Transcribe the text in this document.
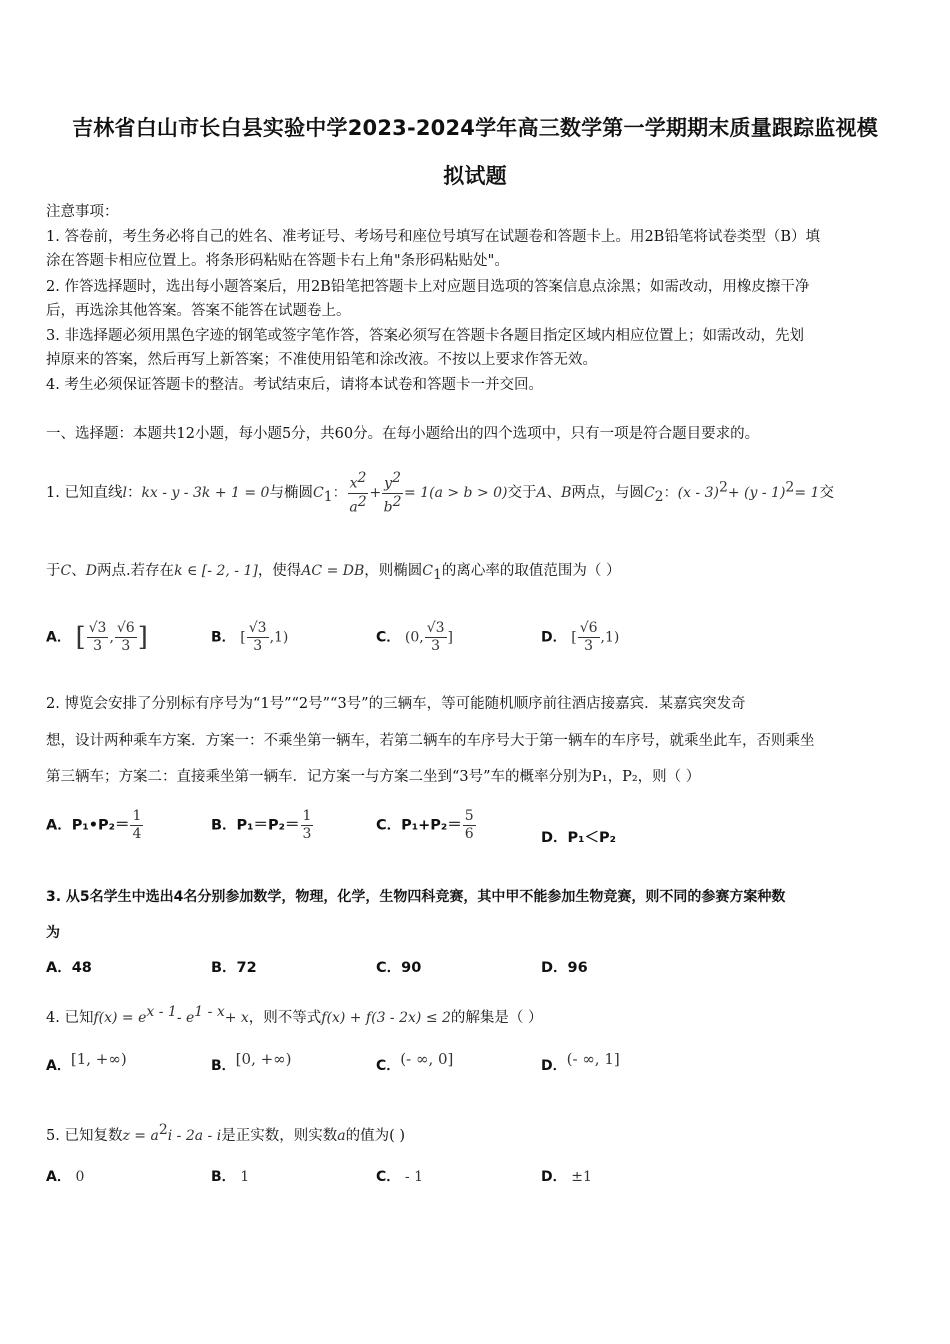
吉林省白山市长白县实验中学2023-2024学年高三数学第一学期期末质量跟踪监视模
拟试题
注意事项：
1. 答卷前，考生务必将自己的姓名、准考证号、考场号和座位号填写在试题卷和答题卡上。用2B铅笔将试卷类型（B）填
涂在答题卡相应位置上。将条形码粘贴在答题卡右上角"条形码粘贴处"。
2. 作答选择题时，选出每小题答案后，用2B铅笔把答题卡上对应题目选项的答案信息点涂黑；如需改动，用橡皮擦干净
后，再选涂其他答案。答案不能答在试题卷上。
3. 非选择题必须用黑色字迹的钢笔或签字笔作答，答案必须写在答题卡各题目指定区域内相应位置上；如需改动，先划
掉原来的答案，然后再写上新答案；不准使用铅笔和涂改液。不按以上要求作答无效。
4. 考生必须保证答题卡的整洁。考试结束后，请将本试卷和答题卡一并交回。
一、选择题：本题共12小题，每小题5分，共60分。在每小题给出的四个选项中，只有一项是符合题目要求的。
1. 已知直线l：kx - y - 3k + 1 = 0与椭圆$C_1$： $\frac{x^2}{a^2} + \frac{y^2}{b^2} = 1(a > b > 0)$交于A、B两点，与圆$C_2$：(x - 3)$^2$+ (y - 1)$^2$= 1交
于C、D两点.若存在k ∈ [- 2, - 1]，使得AC = DB，则椭圆$C_1$的离心率的取值范围为（ ）
A． [ $\frac{√3}{3}$ , $\frac{√6}{3}$ ]	B． [ $\frac{√3}{3} ,1$)	C． (0, $\frac{√3}{3}$ ]	D． [ $\frac{√6}{3} ,1$)
2. 博览会安排了分别标有序号为“1号”“2号”“3号”的三辆车，等可能随机顺序前往酒店接嘉宾．某嘉宾突发奇
想，设计两种乘车方案．方案一：不乘坐第一辆车，若第二辆车的车序号大于第一辆车的车序号，就乘坐此车，否则乘坐
第三辆车；方案二：直接乘坐第一辆车．记方案一与方案二坐到“3号”车的概率分别为P₁，P₂，则（ ）
A．P₁•P₂＝ $\frac{1}{4}$	B．$P_1=P_2= \frac{1}{3}$	C．$P_1+P_2= \frac{5}{6}$	D．P₁＜P₂
3. 从5名学生中选出4名分别参加数学，物理，化学，生物四科竞赛，其中甲不能参加生物竞赛，则不同的参赛方案种数
为
A．48	B．72	C．90	D．96
4. 已知$f(x) = e^{x - 1}-$ $e^{1 - x}+ x$，则不等式f(x) + f(3 - 2x) ≤ 2的解集是（ ）
A．[1, +∞)	B．[0, +∞)	C．(- ∞, 0]	D．(- ∞, 1]
5. 已知复数$z = a^2i - 2a - i$是正实数，则实数a的值为( )
A． 0	B． 1	C． - 1	D． ±1
